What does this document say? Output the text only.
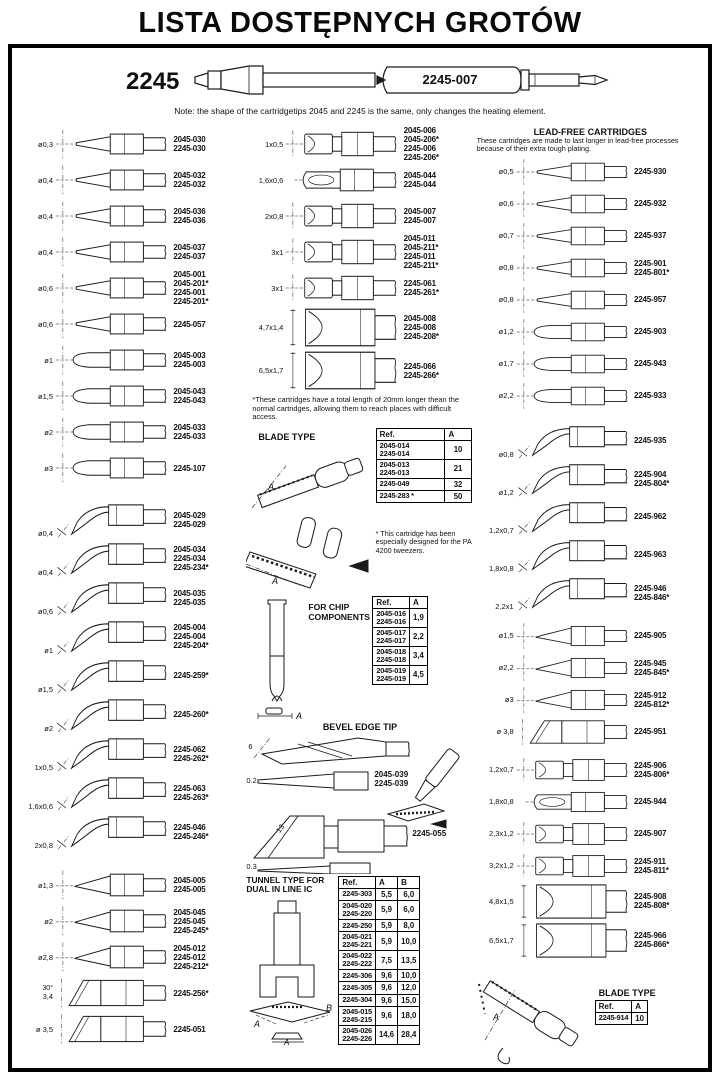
LISTA DOSTĘPNYCH GROTÓW
2245	2245-007
Note: the shape of the cartridgetips 2045 and 2245 is the same, only changes the heating element.
ø0,3	2045-030
2245-030
ø0,4	2045-032
2245-032
ø0,4	2045-036
2245-036
ø0,4	2045-037
2245-037
ø0,6
2045-001
2045-201*
2245-001
2245-201*
ø0,6	2245-057
ø1	2045-003
2245-003
ø1,5	2045-043
2245-043
ø2	2045-033
2245-033
ø3	2245-107
ø0,4
2045-029
2245-029
ø0,4
2045-034
2245-034
2245-234*
ø0,6
2045-035
2245-035
ø1
2045-004
2245-004
2245-204*
ø1,5
2245-259*
ø2
2245-260*
1x0,5
2245-062
2245-262*
1,6x0,6
2245-063
2245-263*
2x0,8
2245-046
2245-246*
ø1,3	2045-005
2245-005
ø2
2045-045
2245-045
2245-245*
ø2,8
2045-012
2245-012
2245-212*
30°
3,4	2245-256*
ø 3,5	2245-051
1x0,5
2045-006
2045-206*
2245-006
2245-206*
1,6x0,6	2045-044
2245-044
2x0,8	2045-007
2245-007
3x1
2045-011
2045-211*
2245-011
2245-211*
3x1	2245-061
2245-261*
4,7x1,4
2045-008
2245-008
2245-208*
6,5x1,7	2245-066
2245-266*
*These cartridges have a total length of 20mm longer thean the normal cartridges, allowing them to reach places with difficult access.
BLADE TYPE
A
A
Ref.	A

2045-014
2245-014	10

2045-013
2245-013	21

2245-049	32

2245-283 *	50
* This cartridge has been especially designed for the PA 4200 tweezers.
A
FOR CHIP COMPONENTS
Ref.	A

2045-016
2245-016	1,9

2045-017
2245-017	2,2

2045-018
2245-018	3,4

2045-019
2245-019	4,5
BEVEL EDGE TIP
6
0.2
2045-039
2245-039
13	2245-055
0.3
TUNNEL TYPE FOR DUAL IN LINE IC
A
B
A
Ref.	A	B

2245-303	5,5	6,0

2045-020
2245-220	5,9	6,0

2245-250	5,9	8,0

2045-021
2245-221	5,9	10,0

2045-022
2245-222	7,5	13,5

2245-306	9,6	10,0

2245-305	9,6	12,0

2245-304	9,6	15,0

2045-015
2245-215	9,6	18,0

2045-026
2245-226	14,6	28,4
LEAD-FREE CARTRIDGES
These cartridges are made to last longer in lead-free processes because of their extra tough plating.
ø0,5	2245-930
ø0,6	2245-932
ø0,7	2245-937
ø0,8	2245-901
2245-801*
ø0,8	2245-957
ø1,2	2245-903
ø1,7	2245-943
ø2,2	2245-933
ø0,8
2245-935
ø1,2
2245-904
2245-804*
1,2x0,7
2245-962
1,8x0,8
2245-963
2,2x1
2245-946
2245-846*
ø1,5	2245-905
ø2,2	2245-945
2245-845*
ø3	2245-912
2245-812*
ø 3,8	2245-951
1,2x0,7	2245-906
2245-806*
1,8x0,8	2245-944
2,3x1,2	2245-907
3,2x1,2	2245-911
2245-811*
4,8x1,5	2245-908
2245-808*
6,5x1,7	2245-966
2245-866*
A
BLADE TYPE
Ref.	A

2245-914	10
